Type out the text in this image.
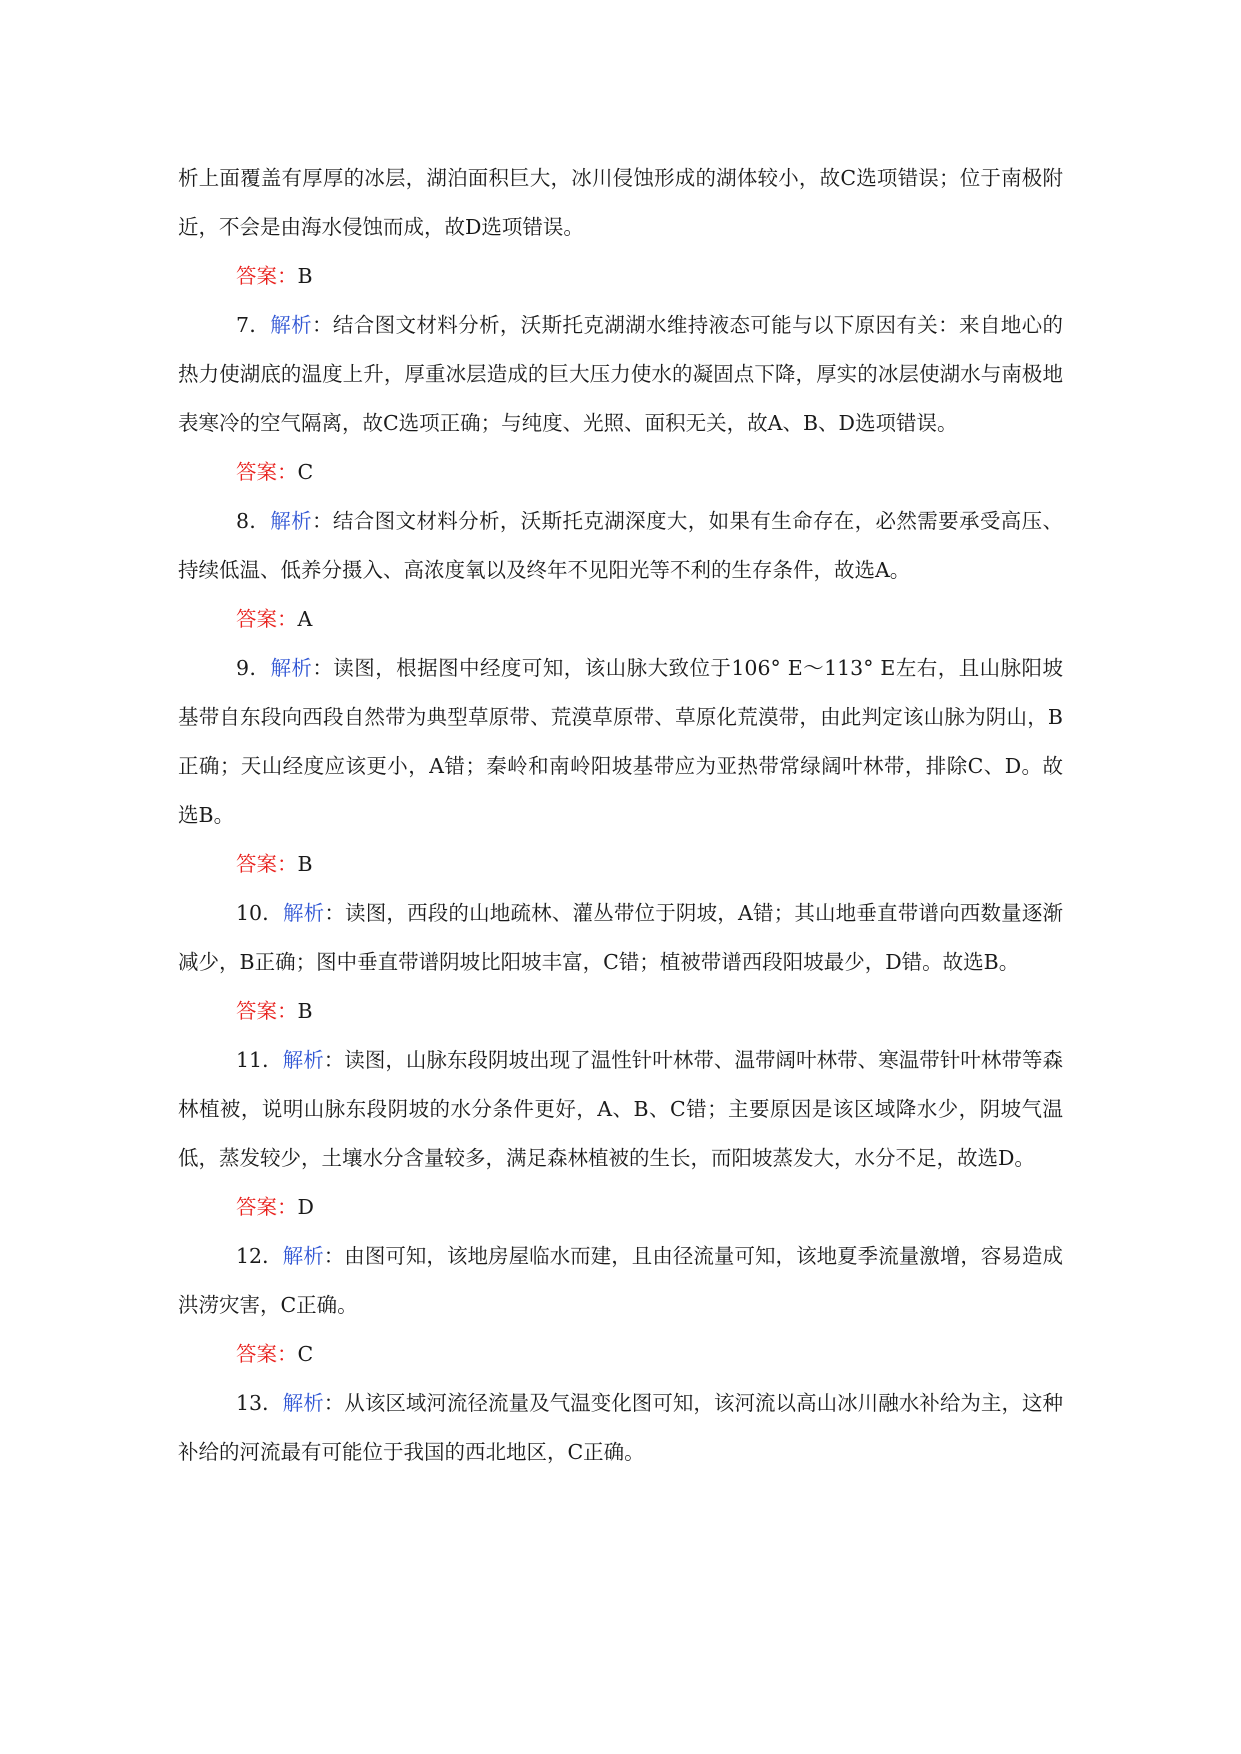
析上面覆盖有厚厚的冰层，湖泊面积巨大，冰川侵蚀形成的湖体较小，故C选项错误；位于南极附近，不会是由海水侵蚀而成，故D选项错误。

答案：B

7．解析：结合图文材料分析，沃斯托克湖湖水维持液态可能与以下原因有关：来自地心的热力使湖底的温度上升，厚重冰层造成的巨大压力使水的凝固点下降，厚实的冰层使湖水与南极地表寒冷的空气隔离，故C选项正确；与纯度、光照、面积无关，故A、B、D选项错误。

答案：C

8．解析：结合图文材料分析，沃斯托克湖深度大，如果有生命存在，必然需要承受高压、持续低温、低养分摄入、高浓度氧以及终年不见阳光等不利的生存条件，故选A。

答案：A

9．解析：读图，根据图中经度可知，该山脉大致位于106° E～113° E左右，且山脉阳坡基带自东段向西段自然带为典型草原带、荒漠草原带、草原化荒漠带，由此判定该山脉为阴山，B正确；天山经度应该更小，A错；秦岭和南岭阳坡基带应为亚热带常绿阔叶林带，排除C、D。故选B。

答案：B

10．解析：读图，西段的山地疏林、灌丛带位于阴坡，A错；其山地垂直带谱向西数量逐渐减少，B正确；图中垂直带谱阴坡比阳坡丰富，C错；植被带谱西段阳坡最少，D错。故选B。

答案：B

11．解析：读图，山脉东段阴坡出现了温性针叶林带、温带阔叶林带、寒温带针叶林带等森林植被，说明山脉东段阴坡的水分条件更好，A、B、C错；主要原因是该区域降水少，阴坡气温低，蒸发较少，土壤水分含量较多，满足森林植被的生长，而阳坡蒸发大，水分不足，故选D。

答案：D

12．解析：由图可知，该地房屋临水而建，且由径流量可知，该地夏季流量激增，容易造成洪涝灾害，C正确。

答案：C

13．解析：从该区域河流径流量及气温变化图可知，该河流以高山冰川融水补给为主，这种补给的河流最有可能位于我国的西北地区，C正确。
